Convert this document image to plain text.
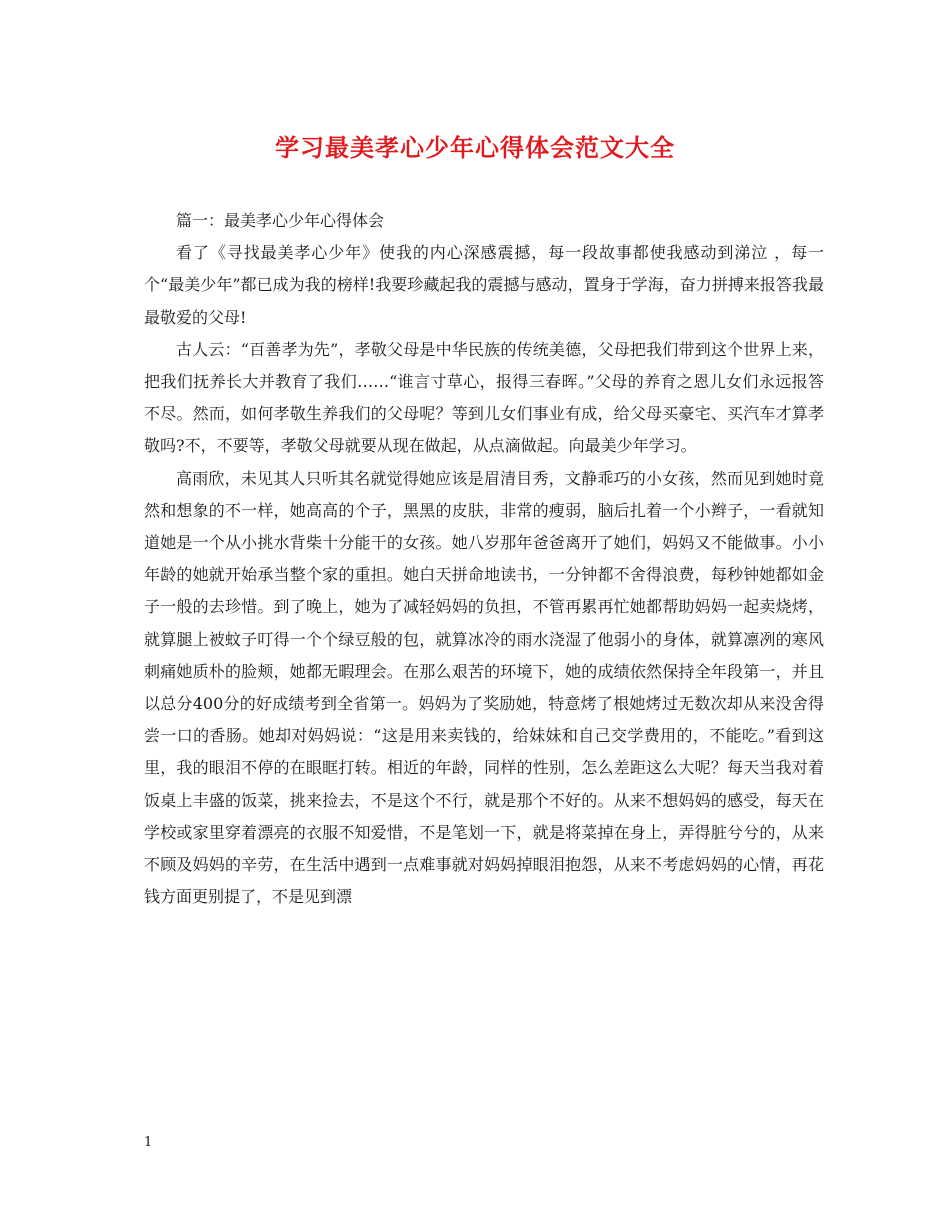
学习最美孝心少年心得体会范文大全

篇一：最美孝心少年心得体会

看了《寻找最美孝心少年》使我的内心深感震撼，每一段故事都使我感动到涕泣 ，每一个“最美少年”都已成为我的榜样!我要珍藏起我的震撼与感动，置身于学海，奋力拼搏来报答我最最敬爱的父母!

古人云：“百善孝为先”，孝敬父母是中华民族的传统美德，父母把我们带到这个世界上来，把我们抚养长大并教育了我们……“谁言寸草心，报得三春晖。”父母的养育之恩儿女们永远报答不尽。然而，如何孝敬生养我们的父母呢？等到儿女们事业有成，给父母买豪宅、买汽车才算孝敬吗?不，不要等，孝敬父母就要从现在做起，从点滴做起。向最美少年学习。

高雨欣，未见其人只听其名就觉得她应该是眉清目秀，文静乖巧的小女孩，然而见到她时竟然和想象的不一样，她高高的个子，黑黑的皮肤，非常的瘦弱，脑后扎着一个小辫子，一看就知道她是一个从小挑水背柴十分能干的女孩。她八岁那年爸爸离开了她们，妈妈又不能做事。小小年龄的她就开始承当整个家的重担。她白天拼命地读书，一分钟都不舍得浪费，每秒钟她都如金子一般的去珍惜。到了晚上，她为了减轻妈妈的负担，不管再累再忙她都帮助妈妈一起卖烧烤，就算腿上被蚊子叮得一个个绿豆般的包，就算冰冷的雨水浇湿了他弱小的身体，就算凛冽的寒风刺痛她质朴的脸颊，她都无暇理会。在那么艰苦的环境下，她的成绩依然保持全年段第一，并且以总分400分的好成绩考到全省第一。妈妈为了奖励她，特意烤了根她烤过无数次却从来没舍得尝一口的香肠。她却对妈妈说：“这是用来卖钱的，给妹妹和自己交学费用的，不能吃。”看到这里，我的眼泪不停的在眼眶打转。相近的年龄，同样的性别，怎么差距这么大呢？每天当我对着饭桌上丰盛的饭菜，挑来捡去，不是这个不行，就是那个不好的。从来不想妈妈的感受，每天在学校或家里穿着漂亮的衣服不知爱惜，不是笔划一下，就是将菜掉在身上，弄得脏兮兮的，从来不顾及妈妈的辛劳，在生活中遇到一点难事就对妈妈掉眼泪抱怨，从来不考虑妈妈的心情，再花钱方面更别提了，不是见到漂

1
